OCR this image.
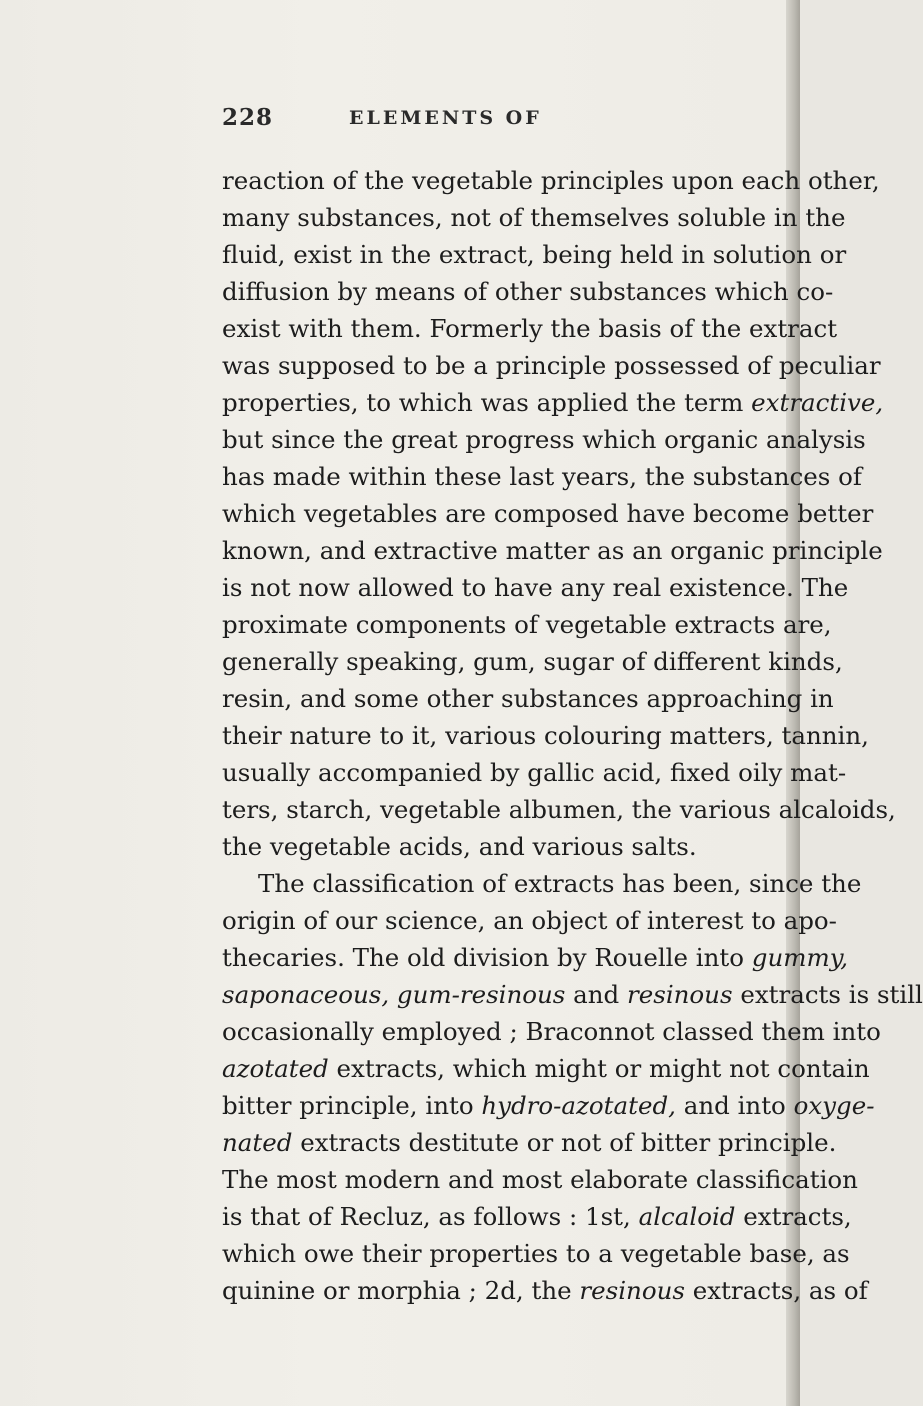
228	ELEMENTS OF
reaction of the vegetable principles upon each other,
many substances, not of themselves soluble in the
fluid, exist in the extract, being held in solution or
diffusion by means of other substances which co-
exist with them. Formerly the basis of the extract
was supposed to be a principle possessed of peculiar
properties, to which was applied the term extractive,
but since the great progress which organic analysis
has made within these last years, the substances of
which vegetables are composed have become better
known, and extractive matter as an organic principle
is not now allowed to have any real existence. The
proximate components of vegetable extracts are,
generally speaking, gum, sugar of different kinds,
resin, and some other substances approaching in
their nature to it, various colouring matters, tannin,
usually accompanied by gallic acid, fixed oily mat-
ters, starch, vegetable albumen, the various alcaloids,
the vegetable acids, and various salts.
The classification of extracts has been, since the
origin of our science, an object of interest to apo-
thecaries. The old division by Rouelle into gummy,
saponaceous, gum-resinous and resinous extracts is still
occasionally employed ; Braconnot classed them into
azotated extracts, which might or might not contain
bitter principle, into hydro-azotated, and into oxyge-
nated extracts destitute or not of bitter principle.
The most modern and most elaborate classification
is that of Recluz, as follows : 1st, alcaloid extracts,
which owe their properties to a vegetable base, as
quinine or morphia ; 2d, the resinous extracts, as of
